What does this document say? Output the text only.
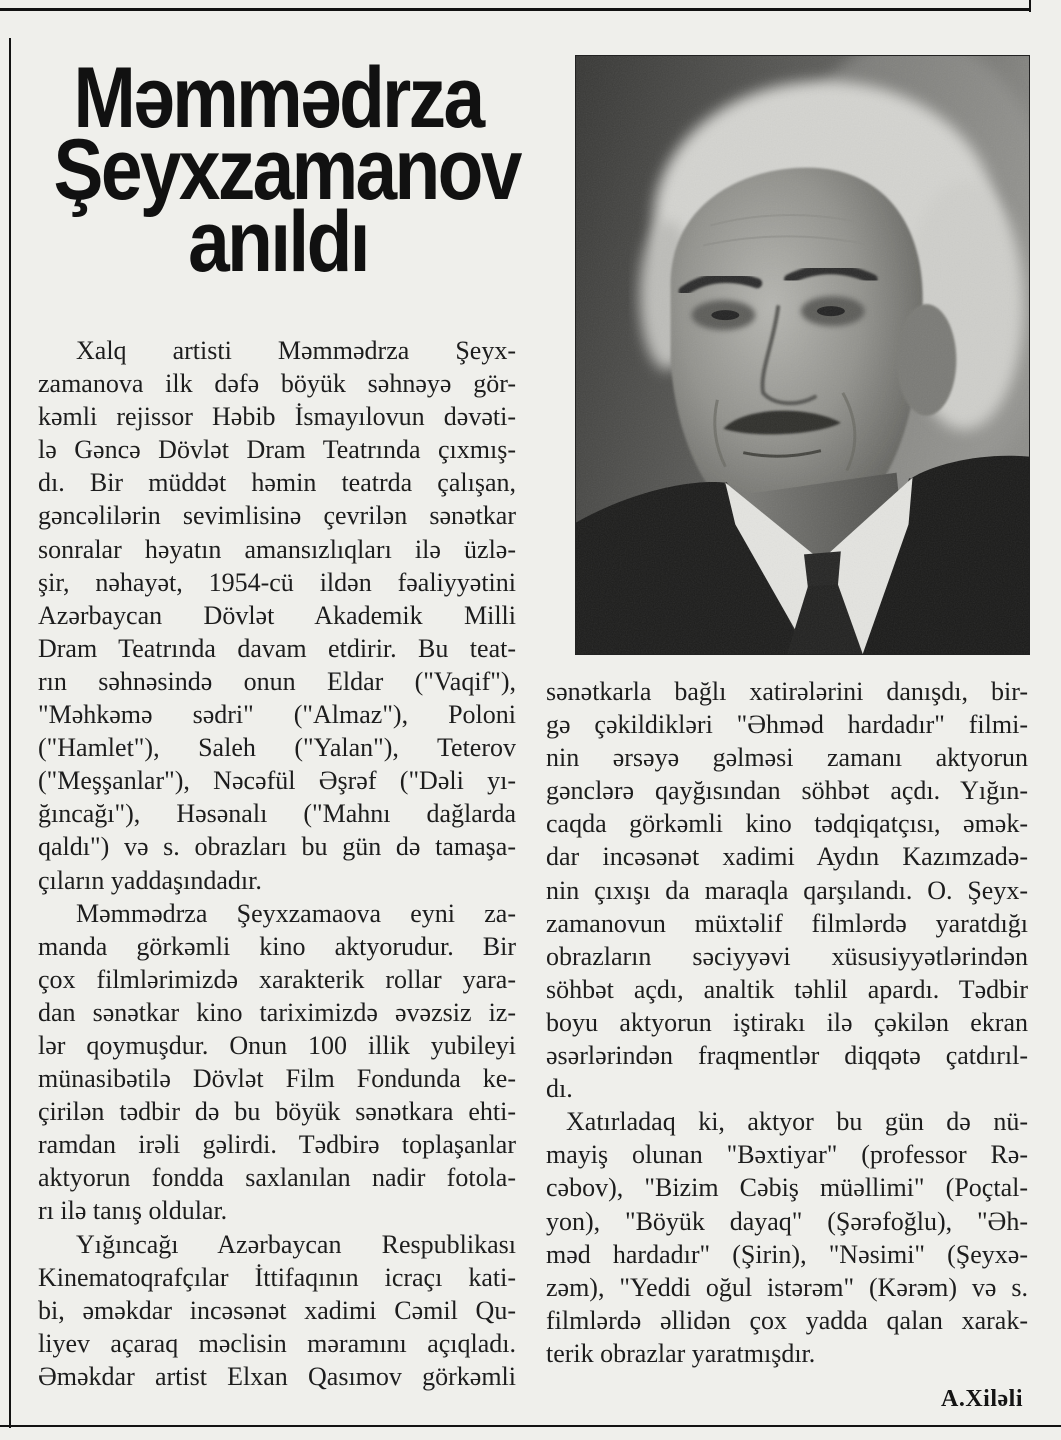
Məmmədrza
Şeyxzamanov
anıldı
Xalq artisti Məmmədrza Şeyx-
zamanova ilk dəfə böyük səhnəyə gör-
kəmli rejissor Həbib İsmayılovun dəvəti-
lə Gəncə Dövlət Dram Teatrında çıxmış-
dı. Bir müddət həmin teatrda çalışan,
gəncəlilərin sevimlisinə çevrilən sənətkar
sonralar həyatın amansızlıqları ilə üzlə-
şir, nəhayət, 1954-cü ildən fəaliyyətini
Azərbaycan Dövlət Akademik Milli
Dram Teatrında davam etdirir. Bu teat-
rın səhnəsində onun Eldar ("Vaqif"),
"Məhkəmə sədri" ("Almaz"), Poloni
("Hamlet"), Saleh ("Yalan"), Teterov
("Meşşanlar"), Nəcəfül Əşrəf ("Dəli yı-
ğıncağı"), Həsənalı ("Mahnı dağlarda
qaldı") və s. obrazları bu gün də tamaşa-
çıların yaddaşındadır.
Məmmədrza Şeyxzamaova eyni za-
manda görkəmli kino aktyorudur. Bir
çox filmlərimizdə xarakterik rollar yara-
dan sənətkar kino tariximizdə əvəzsiz iz-
lər qoymuşdur. Onun 100 illik yubileyi
münasibətilə Dövlət Film Fondunda ke-
çirilən tədbir də bu böyük sənətkara ehti-
ramdan irəli gəlirdi. Tədbirə toplaşanlar
aktyorun fondda saxlanılan nadir fotola-
rı ilə tanış oldular.
Yığıncağı Azərbaycan Respublikası
Kinematoqrafçılar İttifaqının icraçı kati-
bi, əməkdar incəsənət xadimi Cəmil Qu-
liyev açaraq məclisin məramını açıqladı.
Əməkdar artist Elxan Qasımov görkəmli
sənətkarla bağlı xatirələrini danışdı, bir-
gə çəkildikləri "Əhməd hardadır" filmi-
nin ərsəyə gəlməsi zamanı aktyorun
gənclərə qayğısından söhbət açdı. Yığın-
caqda görkəmli kino tədqiqatçısı, əmək-
dar incəsənət xadimi Aydın Kazımzadə-
nin çıxışı da maraqla qarşılandı. O. Şeyx-
zamanovun müxtəlif filmlərdə yaratdığı
obrazların səciyyəvi xüsusiyyətlərindən
söhbət açdı, analtik təhlil apardı. Tədbir
boyu aktyorun iştirakı ilə çəkilən ekran
əsərlərindən fraqmentlər diqqətə çatdırıl-
dı.
Xatırladaq ki, aktyor bu gün də nü-
mayiş olunan "Bəxtiyar" (professor Rə-
cəbov), "Bizim Cəbiş müəllimi" (Poçtal-
yon), "Böyük dayaq" (Şərəfoğlu), "Əh-
məd hardadır" (Şirin), "Nəsimi" (Şeyxə-
zəm), "Yeddi oğul istərəm" (Kərəm) və s.
filmlərdə əllidən çox yadda qalan xarak-
terik obrazlar yaratmışdır.
A.Xiləli
